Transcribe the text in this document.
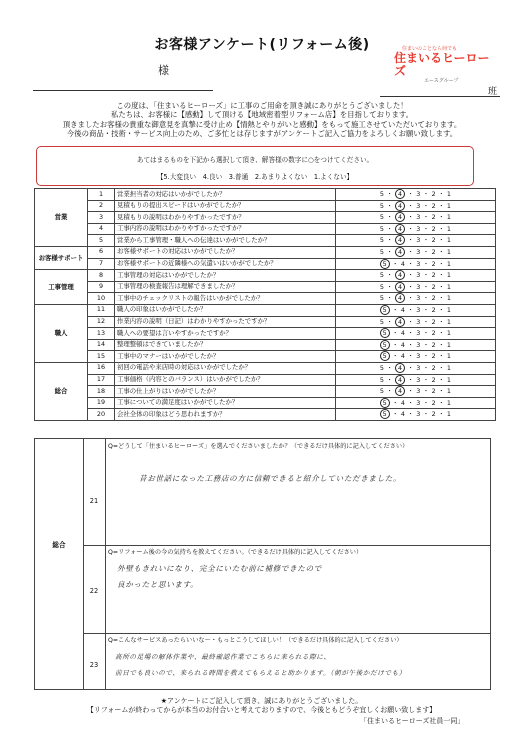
お客様アンケート(リフォーム後)	住まいのことなら何でも
住まいるヒーローズ
エースグループ
様
班
この度は、「住まいるヒーローズ」に工事のご用命を頂き誠にありがとうございました！
私たちは、お客様に【感動】して頂ける【地域密着型リフォーム店】を目指しております。
頂きましたお客様の貴重な御意見を真摯に受け止め【情熱とやりがいと感動】をもって施工させていただいております。
今後の商品・技術・サービス向上のため、ご多忙とは存じますがアンケートご記入ご協力をよろしくお願い致します。
あてはまるものを下記から選択して頂き、解答様の数字に○をつけてください。
【5.大変良い　4.良い　3.普通　2.あまりよくない　1.よくない】
営業	1	営業担当者の対応はいかがでしたか？	5 ・ 4 ・ 3 ・ 2 ・ 1
	2	見積もりの提出スピードはいかがでしたか？	5 ・ 4 ・ 3 ・ 2 ・ 1
	3	見積もりの説明はわかりやすかったですか？	5 ・ 4 ・ 3 ・ 2 ・ 1
	4	工事内容の説明はわかりやすかったですか？	5 ・ 4 ・ 3 ・ 2 ・ 1
	5	営業から工事管理・職人への伝達はいかがでしたか？	5 ・ 4 ・ 3 ・ 2 ・ 1
お客様サポート	6	お客様サポートの対応はいかがでしたか？	5 ・ 4 ・ 3 ・ 2 ・ 1
	7	お客様サポートの近隣様への気遣いはいかがでしたか？	5 ・ 4 ・ 3 ・ 2 ・ 1
工事管理	8	工事管理の対応はいかがでしたか？	5 ・ 4 ・ 3 ・ 2 ・ 1
	9	工事管理の検査報告は理解できましたか？	5 ・ 4 ・ 3 ・ 2 ・ 1
	10	工事中のチェックリストの報告はいかがでしたか？	5 ・ 4 ・ 3 ・ 2 ・ 1
職人	11	職人の印象はいかがでしたか？	5 ・ 4 ・ 3 ・ 2 ・ 1
	12	作業内容の説明（日記）はわかりやすかったですか？	5 ・ 4 ・ 3 ・ 2 ・ 1
	13	職人への要望は言いやすかったですか？	5 ・ 4 ・ 3 ・ 2 ・ 1
	14	整理整頓はできていましたか？	5 ・ 4 ・ 3 ・ 2 ・ 1
	15	工事中のマナーはいかがでしたか？	5 ・ 4 ・ 3 ・ 2 ・ 1
総合	16	初回の電話や来店時の対応はいかがでしたか？	5 ・ 4 ・ 3 ・ 2 ・ 1
	17	工事価格（内容とのバランス）はいかがでしたか？	5 ・ 4 ・ 3 ・ 2 ・ 1
	18	工事の仕上がりはいかがでしたか？	5 ・ 4 ・ 3 ・ 2 ・ 1
	19	工事についての満足度はいかがでしたか？	5 ・ 4 ・ 3 ・ 2 ・ 1
	20	会社全体の印象はどう思われますか？	5 ・ 4 ・ 3 ・ 2 ・ 1
総合
21
Q=どうして「住まいるヒーローズ」を選んでくださいましたか？（できるだけ具体的に記入してください）
昔お世話になった工務店の方に信頼できると紹介していただきました。
22
Q=リフォーム後の今の気持ちを教えてください。（できるだけ具体的に記入してください）
外壁もきれいになり、完全にいたむ前に補修できたので
良かったと思います。
23
Q=こんなサービスあったらいいな～・もっとこうしてほしい！（できるだけ具体的に記入してください）
高所の足場の解体作業や、最終確認作業でこちらに来られる際に、
前日でも良いので、来られる時間を教えてもらえると助かります。（朝が午後かだけでも）
★アンケートにご記入して頂き、誠にありがとうございました。
【リフォームが終わってからが本当のお付合いと考えておりますので、今後ともどうぞ宜しくお願い致します】
「住まいるヒーローズ社員一同」
